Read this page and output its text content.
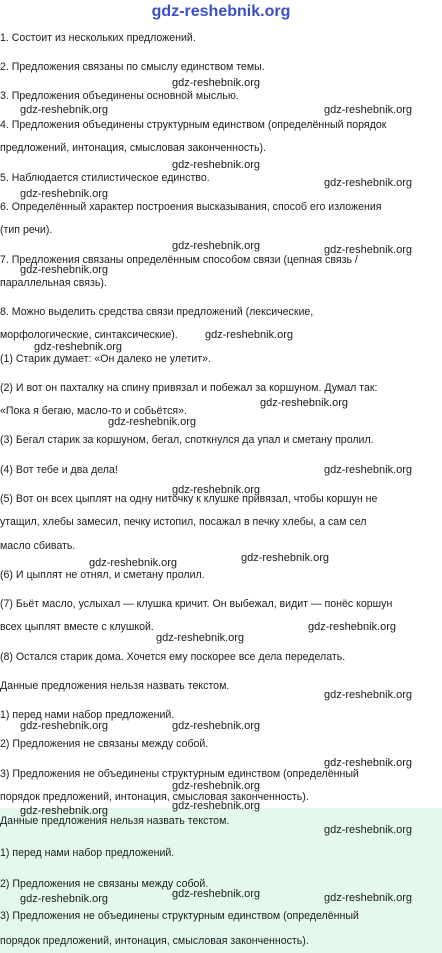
gdz-reshebnik.org
1. Состоит из нескольких предложений.
2. Предложения связаны по смыслу единством темы.
3. Предложения объединены основной мыслью.
4. Предложения объединены структурным единством (определённый порядок
предложений, интонация, смысловая законченность).
5. Наблюдается стилистическое единство.
6. Определённый характер построения высказывания, способ его изложения
(тип речи).
7. Предложения связаны определённым способом связи (цепная связь /
параллельная связь).
8. Можно выделить средства связи предложений (лексические,
морфологические, синтаксические).
(1) Старик думает: «Он далеко не улетит».
(2) И вот он пахталку на спину привязал и побежал за коршуном. Думал так:
«Пока я бегаю, масло-то и собьётся».
(3) Бегал старик за коршуном, бегал, споткнулся да упал и сметану пролил.
(4) Вот тебе и два дела!
(5) Вот он всех цыплят на одну ниточку к клушке привязал, чтобы коршун не
утащил, хлебы замесил, печку истопил, посажал в печку хлебы, а сам сел
масло сбивать.
(6) И цыплят не отнял, и сметану пролил.
(7) Бьёт масло, услыхал — клушка кричит. Он выбежал, видит — понёс коршун
всех цыплят вместе с клушкой.
(8) Остался старик дома. Хочется ему поскорее все дела переделать.
Данные предложения нельзя назвать текстом.
1) перед нами набор предложений.
2) Предложения не связаны между собой.
3) Предложения не объединены структурным единством (определённый
порядок предложений, интонация, смысловая законченность).
Данные предложения нельзя назвать текстом.
1) перед нами набор предложений.
2) Предложения не связаны между собой.
3) Предложения не объединены структурным единством (определённый
порядок предложений, интонация, смысловая законченность).
gdz-reshebnik.org
gdz-reshebnik.org	gdz-reshebnik.org
gdz-reshebnik.org
gdz-reshebnik.org
gdz-reshebnik.org
gdz-reshebnik.org
gdz-reshebnik.org
gdz-reshebnik.org
gdz-reshebnik.org
gdz-reshebnik.org
gdz-reshebnik.org
gdz-reshebnik.org
gdz-reshebnik.org
gdz-reshebnik.org
gdz-reshebnik.org	gdz-reshebnik.org
gdz-reshebnik.org
gdz-reshebnik.org
gdz-reshebnik.org
gdz-reshebnik.org	gdz-reshebnik.org
gdz-reshebnik.org
gdz-reshebnik.org
gdz-reshebnik.org	gdz-reshebnik.org
gdz-reshebnik.org
gdz-reshebnik.org	gdz-reshebnik.org	gdz-reshebnik.org
